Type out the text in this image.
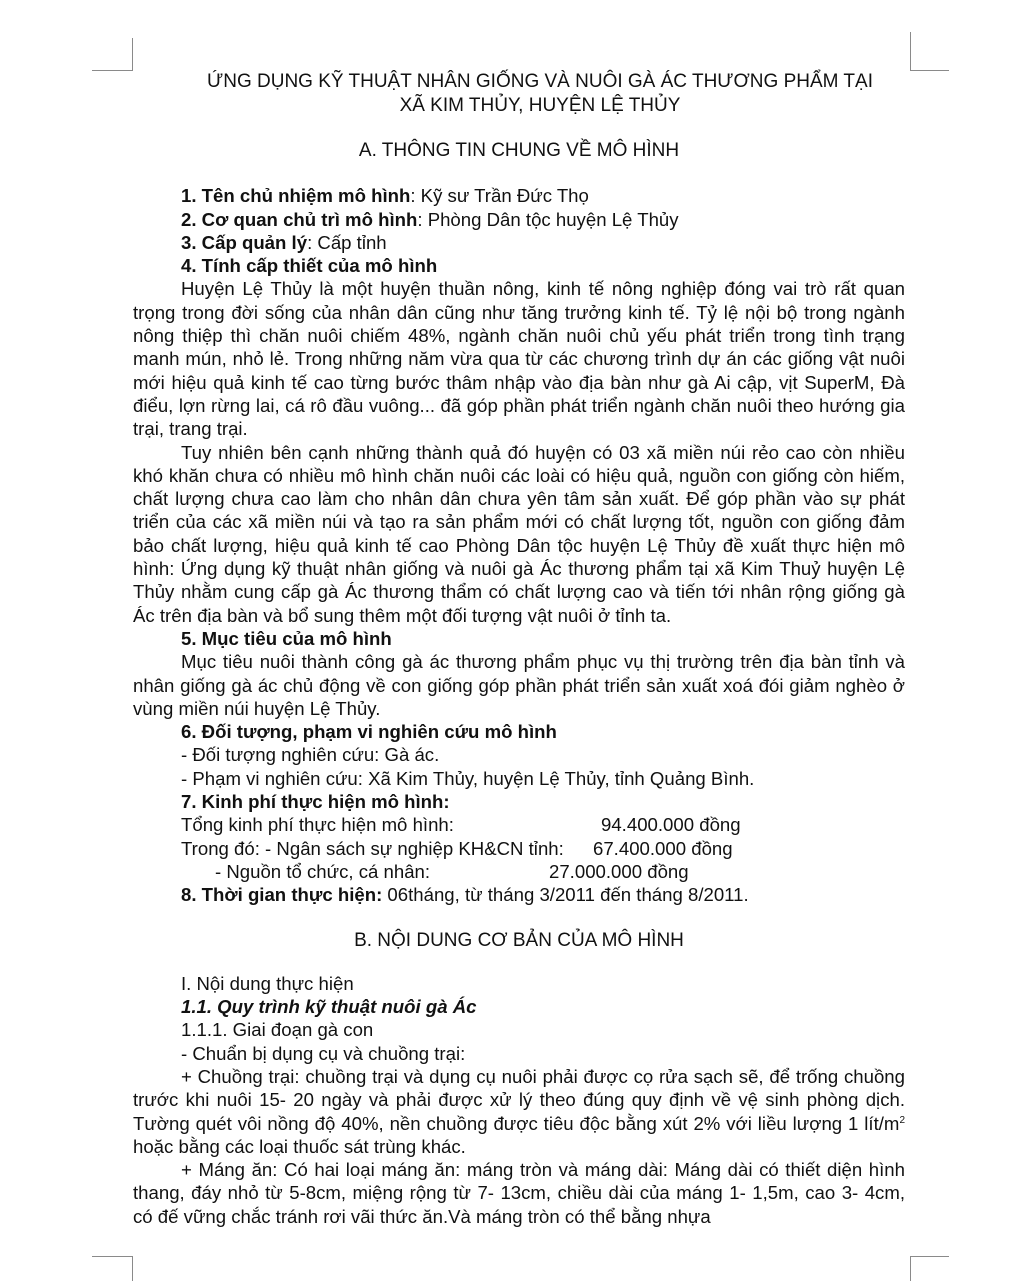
ỨNG DỤNG KỸ THUẬT NHÂN GIỐNG VÀ NUÔI GÀ ÁC THƯƠNG PHẨM TẠI XÃ KIM THỦY, HUYỆN LỆ THỦY
A. THÔNG TIN CHUNG VỀ MÔ HÌNH
1. Tên chủ nhiệm mô hình: Kỹ sư Trần Đức Thọ
2. Cơ quan chủ trì mô hình: Phòng Dân tộc huyện Lệ Thủy
3. Cấp quản lý: Cấp tỉnh
4. Tính cấp thiết của mô hình

Huyện Lệ Thủy là một huyện thuần nông, kinh tế nông nghiệp đóng vai trò rất quan trọng trong đời sống của nhân dân cũng như tăng trưởng kinh tế. Tỷ lệ nội bộ trong ngành nông thiệp thì chăn nuôi chiếm 48%, ngành chăn nuôi chủ yếu phát triển trong tình trạng manh mún, nhỏ lẻ. Trong những năm vừa qua từ các chương trình dự án các giống vật nuôi mới hiệu quả kinh tế cao từng bước thâm nhập vào địa bàn như gà Ai cập, vịt SuperM, Đà điểu, lợn rừng lai, cá rô đầu vuông... đã góp phần phát triển ngành chăn nuôi theo hướng gia trại, trang trại.

Tuy nhiên bên cạnh những thành quả đó huyện có 03 xã miền núi rẻo cao còn nhiều khó khăn chưa có nhiều mô hình chăn nuôi các loài có hiệu quả, nguồn con giống còn hiếm, chất lượng chưa cao làm cho nhân dân chưa yên tâm sản xuất. Để góp phần vào sự phát triển của các xã miền núi và tạo ra sản phẩm mới có chất lượng tốt, nguồn con giống đảm bảo chất lượng, hiệu quả kinh tế cao Phòng Dân tộc huyện Lệ Thủy đề xuất thực hiện mô hình: Ứng dụng kỹ thuật nhân giống và nuôi gà Ác thương phẩm tại xã Kim Thuỷ huyện Lệ Thủy nhằm cung cấp gà Ác thương thẩm có chất lượng cao và tiến tới nhân rộng giống gà Ác trên địa bàn và bổ sung thêm một đối tượng vật nuôi ở tỉnh ta.

5. Mục tiêu của mô hình

Mục tiêu nuôi thành công gà ác thương phẩm phục vụ thị trường trên địa bàn tỉnh và nhân giống gà ác chủ động về con giống góp phần phát triển sản xuất xoá đói giảm nghèo ở vùng miền núi huyện Lệ Thủy.

6. Đối tượng, phạm vi nghiên cứu mô hình
- Đối tượng nghiên cứu: Gà ác.
- Phạm vi nghiên cứu: Xã Kim Thủy, huyện Lệ Thủy, tỉnh Quảng Bình.
7. Kinh phí thực hiện mô hình:
Tổng kinh phí thực hiện mô hình:	94.400.000 đồng
Trong đó: - Ngân sách sự nghiệp KH&CN tỉnh: 67.400.000 đồng
- Nguồn tổ chức, cá nhân:	27.000.000 đồng
8. Thời gian thực hiện: 06tháng, từ tháng 3/2011 đến tháng 8/2011.
B. NỘI DUNG CƠ BẢN CỦA MÔ HÌNH
I. Nội dung thực hiện
1.1. Quy trình kỹ thuật nuôi gà Ác
1.1.1. Giai đoạn gà con
- Chuẩn bị dụng cụ và chuồng trại:

+ Chuồng trại: chuồng trại và dụng cụ nuôi phải được cọ rửa sạch sẽ, để trống chuồng trước khi nuôi 15- 20 ngày và phải được xử lý theo đúng quy định về vệ sinh phòng dịch. Tường quét vôi nồng độ 40%, nền chuồng được tiêu độc bằng xút 2% với liều lượng 1 lít/$m^2$ hoặc bằng các loại thuốc sát trùng khác.

+ Máng ăn: Có hai loại máng ăn: máng tròn và máng dài: Máng dài có thiết diện hình thang, đáy nhỏ từ 5-8cm, miệng rộng từ 7- 13cm, chiều dài của máng 1- 1,5m, cao 3- 4cm, có đế vững chắc tránh rơi vãi thức ăn.Và máng tròn có thể bằng nhựa
